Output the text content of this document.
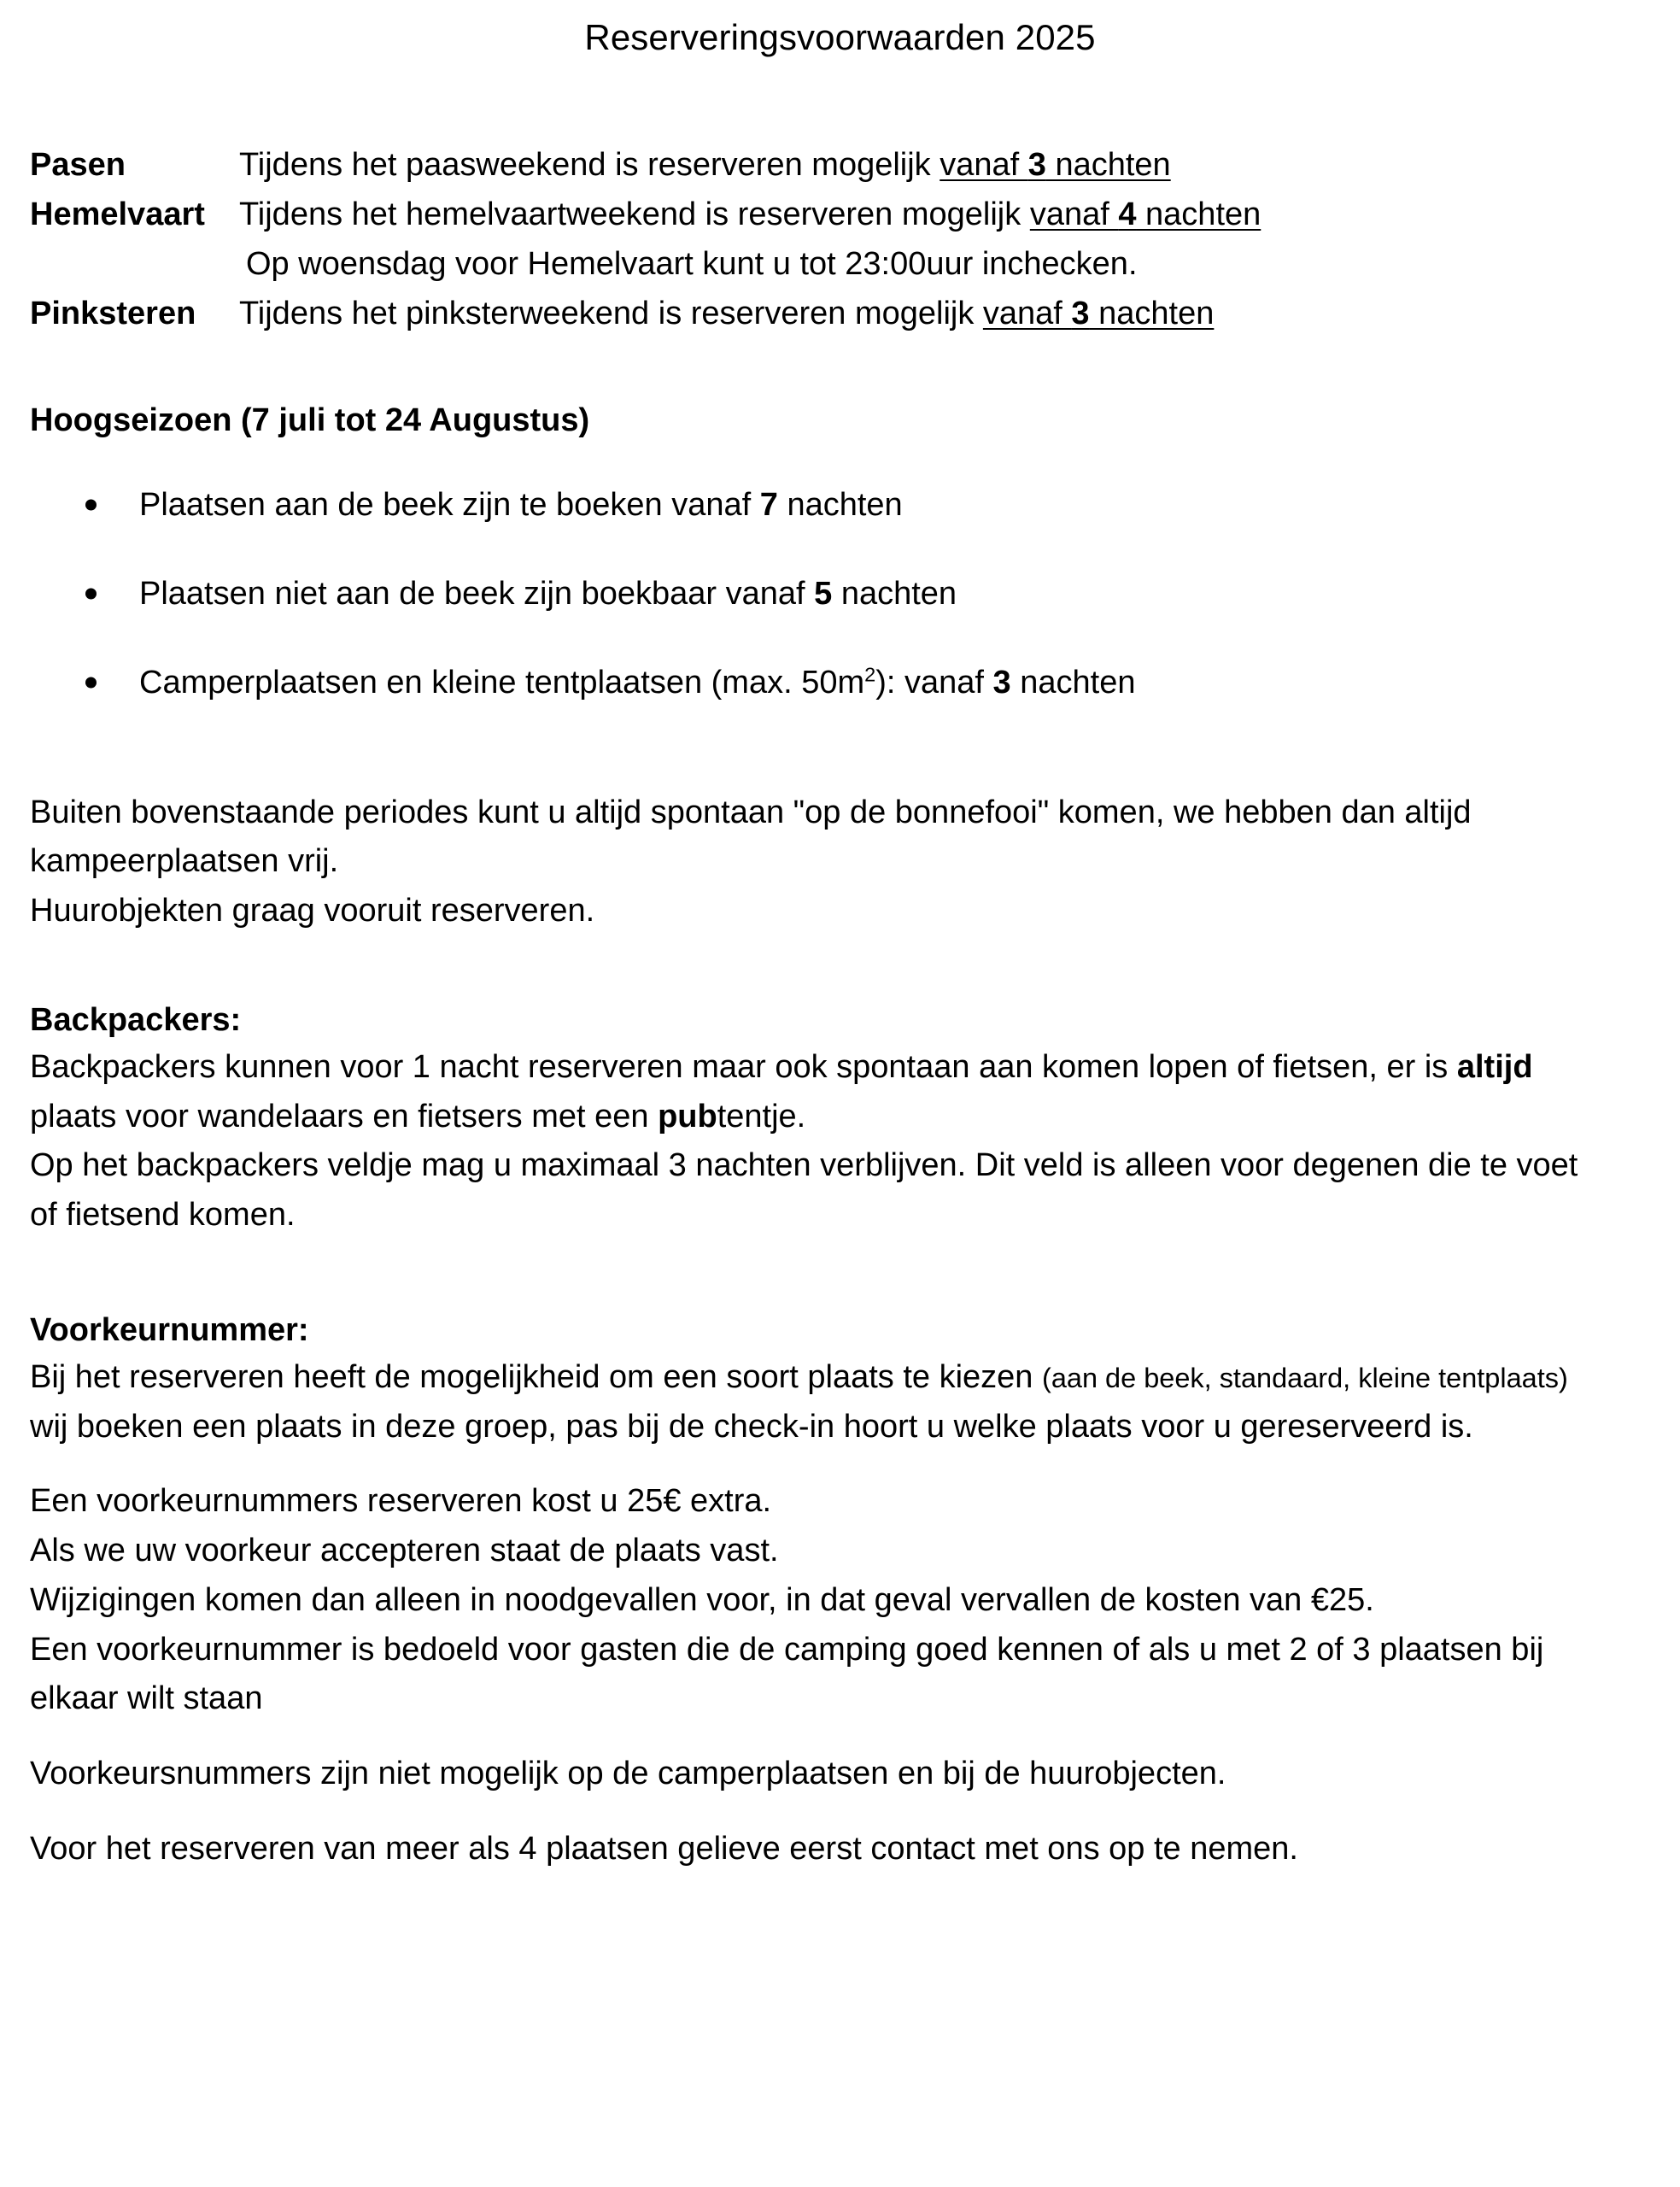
Reserveringsvoorwaarden 2025
Pasen	Tijdens het paasweekend is reserveren mogelijk vanaf 3 nachten
Hemelvaart	Tijdens het hemelvaartweekend is reserveren mogelijk vanaf 4 nachten
Op woensdag voor Hemelvaart kunt u tot 23:00uur inchecken.
Pinksteren	Tijdens het pinksterweekend is reserveren mogelijk vanaf 3 nachten
Hoogseizoen (7 juli tot 24 Augustus)
Plaatsen aan de beek zijn te boeken vanaf 7 nachten
Plaatsen niet aan de beek zijn boekbaar vanaf 5 nachten
Camperplaatsen en kleine tentplaatsen (max. $50m^2$): vanaf 3 nachten

Buiten bovenstaande periodes kunt u altijd spontaan "op de bonnefooi" komen, we hebben dan altijd kampeerplaatsen vrij.

Huurobjekten graag vooruit reserveren.

Backpackers:

Backpackers kunnen voor 1 nacht reserveren maar ook spontaan aan komen lopen of fietsen, er is altijd plaats voor wandelaars en fietsers met een pubtentje.

Op het backpackers veldje mag u maximaal 3 nachten verblijven. Dit veld is alleen voor degenen die te voet of fietsend komen.

Voorkeurnummer:

Bij het reserveren heeft de mogelijkheid om een soort plaats te kiezen (aan de beek, standaard, kleine tentplaats) wij boeken een plaats in deze groep, pas bij de check-in hoort u welke plaats voor u gereserveerd is.

Een voorkeurnummers reserveren kost u 25€ extra.

Als we uw voorkeur accepteren staat de plaats vast.

Wijzigingen komen dan alleen in noodgevallen voor, in dat geval vervallen de kosten van €25.

Een voorkeurnummer is bedoeld voor gasten die de camping goed kennen of als u met 2 of 3 plaatsen bij elkaar wilt staan

Voorkeursnummers zijn niet mogelijk op de camperplaatsen en bij de huurobjecten.

Voor het reserveren van meer als 4 plaatsen gelieve eerst contact met ons op te nemen.
